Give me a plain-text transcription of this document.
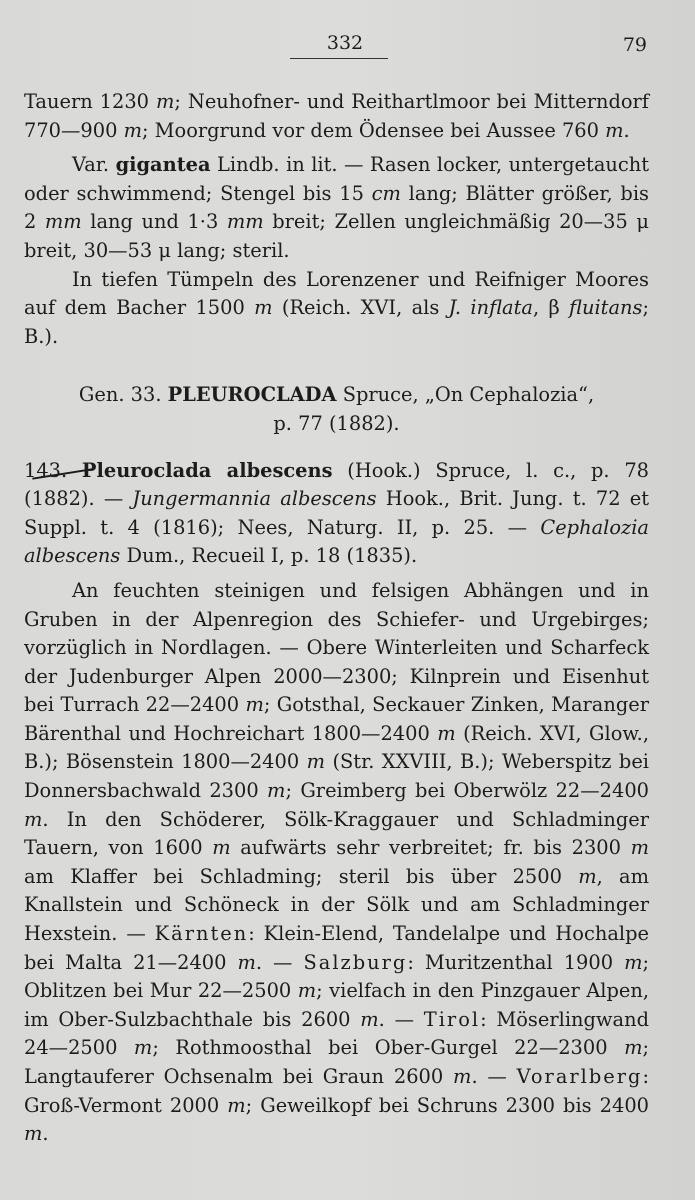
332	79

Tauern 1230 m; Neuhofner- und Reithartlmoor bei Mitterndorf 770—900 m; Moorgrund vor dem Ödensee bei Aussee 760 m.

Var. gigantea Lindb. in lit. — Rasen locker, untergetaucht oder schwimmend; Stengel bis 15 cm lang; Blätter größer, bis 2 mm lang und 1·3 mm breit; Zellen ungleichmäßig 20—35 μ breit, 30—53 μ lang; steril.

In tiefen Tümpeln des Lorenzener und Reifniger Moores auf dem Bacher 1500 m (Reich. XVI, als J. inflata, β fluitans; B.).

Gen. 33. PLEUROCLADA Spruce, „On Cephalozia“,

p. 77 (1882).

143. Pleuroclada albescens (Hook.) Spruce, l. c., p. 78 (1882). — Jungermannia albescens Hook., Brit. Jung. t. 72 et Suppl. t. 4 (1816); Nees, Naturg. II, p. 25. — Cephalozia albescens Dum., Recueil I, p. 18 (1835).

An feuchten steinigen und felsigen Abhängen und in Gruben in der Alpenregion des Schiefer- und Urgebirges; vorzüglich in Nordlagen. — Obere Winterleiten und Scharfeck der Judenburger Alpen 2000—2300; Kilnprein und Eisenhut bei Turrach 22—2400 m; Gotsthal, Seckauer Zinken, Maranger Bärenthal und Hochreichart 1800—2400 m (Reich. XVI, Glow., B.); Bösenstein 1800—2400 m (Str. XXVIII, B.); Weberspitz bei Donnersbachwald 2300 m; Greimberg bei Oberwölz 22—2400 m. In den Schöderer, Sölk-Kraggauer und Schladminger Tauern, von 1600 m aufwärts sehr verbreitet; fr. bis 2300 m am Klaffer bei Schladming; steril bis über 2500 m, am Knallstein und Schöneck in der Sölk und am Schladminger Hexstein. — Kärnten: Klein-Elend, Tandelalpe und Hochalpe bei Malta 21—2400 m. — Salzburg: Muritzenthal 1900 m; Oblitzen bei Mur 22—2500 m; vielfach in den Pinzgauer Alpen, im Ober-Sulzbachthale bis 2600 m. — Tirol: Möserlingwand 24—2500 m; Rothmoosthal bei Ober-Gurgel 22—2300 m; Langtauferer Ochsenalm bei Graun 2600 m. — Vorarlberg: Groß-Vermont 2000 m; Geweilkopf bei Schruns 2300 bis 2400 m.
